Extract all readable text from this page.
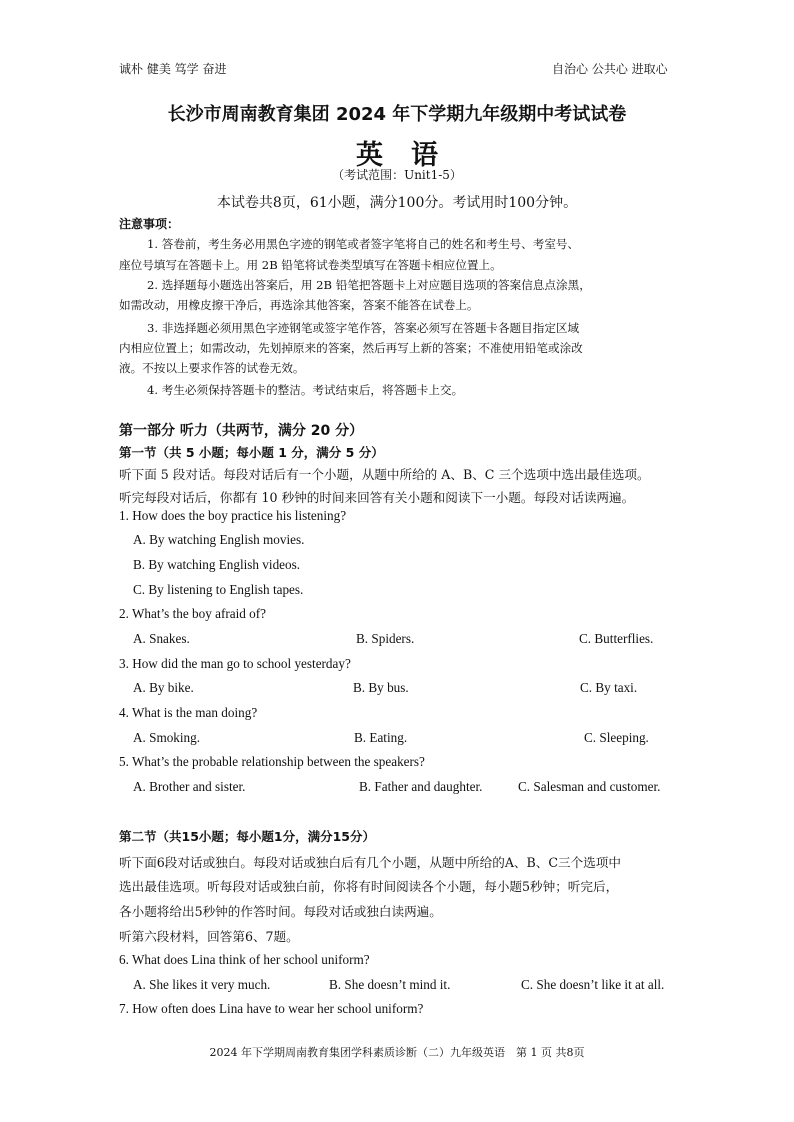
诚朴 健美 笃学 奋进	自治心 公共心 进取心
长沙市周南教育集团 2024 年下学期九年级期中考试试卷
英语
（考试范围：Unit1-5）
本试卷共8页，61小题，满分100分。考试用时100分钟。
注意事项：
1. 答卷前，考生务必用黑色字迹的钢笔或者签字笔将自己的姓名和考生号、考室号、
座位号填写在答题卡上。用 2B 铅笔将试卷类型填写在答题卡相应位置上。
2. 选择题每小题选出答案后，用 2B 铅笔把答题卡上对应题目选项的答案信息点涂黑，
如需改动，用橡皮擦干净后，再选涂其他答案，答案不能答在试卷上。
3. 非选择题必须用黑色字迹钢笔或签字笔作答，答案必须写在答题卡各题目指定区域
内相应位置上；如需改动，先划掉原来的答案，然后再写上新的答案；不准使用铅笔或涂改
液。不按以上要求作答的试卷无效。
4. 考生必须保持答题卡的整洁。考试结束后，将答题卡上交。
第一部分 听力（共两节，满分 20 分）
第一节（共 5 小题；每小题 1 分，满分 5 分）
听下面 5 段对话。每段对话后有一个小题，从题中所给的 A、B、C 三个选项中选出最佳选项。
听完每段对话后，你都有 10 秒钟的时间来回答有关小题和阅读下一小题。每段对话读两遍。
1. How does the boy practice his listening?
A. By watching English movies.
B. By watching English videos.
C. By listening to English tapes.
2. What’s the boy afraid of?
A. Snakes.	B. Spiders.	C. Butterflies.
3. How did the man go to school yesterday?
A. By bike.	B. By bus.	C. By taxi.
4. What is the man doing?
A. Smoking.	B. Eating.	C. Sleeping.
5. What’s the probable relationship between the speakers?
A. Brother and sister.	B. Father and daughter.	C. Salesman and customer.
第二节（共15小题；每小题1分，满分15分）
听下面6段对话或独白。每段对话或独白后有几个小题，从题中所给的A、B、C三个选项中
选出最佳选项。听每段对话或独白前，你将有时间阅读各个小题，每小题5秒钟；听完后，
各小题将给出5秒钟的作答时间。每段对话或独白读两遍。
听第六段材料，回答第6、7题。
6. What does Lina think of her school uniform?
A. She likes it very much.	B. She doesn’t mind it.	C. She doesn’t like it at all.
7. How often does Lina have to wear her school uniform?
2024 年下学期周南教育集团学科素质诊断（二）九年级英语　第 1 页 共8页
